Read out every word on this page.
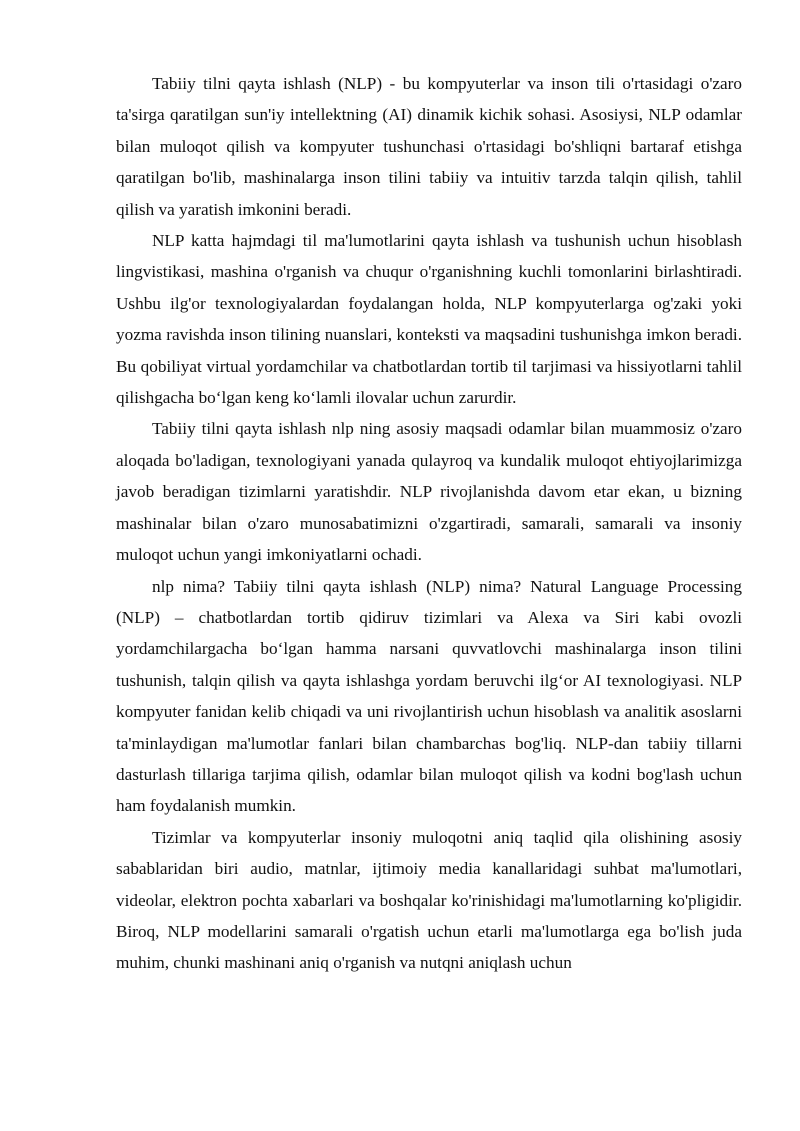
Tabiiy tilni qayta ishlash (NLP) - bu kompyuterlar va inson tili o'rtasidagi o'zaro ta'sirga qaratilgan sun'iy intellektning (AI) dinamik kichik sohasi. Asosiysi, NLP odamlar bilan muloqot qilish va kompyuter tushunchasi o'rtasidagi bo'shliqni bartaraf etishga qaratilgan bo'lib, mashinalarga inson tilini tabiiy va intuitiv tarzda talqin qilish, tahlil qilish va yaratish imkonini beradi.

NLP katta hajmdagi til ma'lumotlarini qayta ishlash va tushunish uchun hisoblash lingvistikasi, mashina o'rganish va chuqur o'rganishning kuchli tomonlarini birlashtiradi. Ushbu ilg'or texnologiyalardan foydalangan holda, NLP kompyuterlarga og'zaki yoki yozma ravishda inson tilining nuanslari, konteksti va maqsadini tushunishga imkon beradi. Bu qobiliyat virtual yordamchilar va chatbotlardan tortib til tarjimasi va hissiyotlarni tahlil qilishgacha bo‘lgan keng ko‘lamli ilovalar uchun zarurdir.

Tabiiy tilni qayta ishlash nlp ning asosiy maqsadi odamlar bilan muammosiz o'zaro aloqada bo'ladigan, texnologiyani yanada qulayroq va kundalik muloqot ehtiyojlarimizga javob beradigan tizimlarni yaratishdir. NLP rivojlanishda davom etar ekan, u bizning mashinalar bilan o'zaro munosabatimizni o'zgartiradi, samarali, samarali va insoniy muloqot uchun yangi imkoniyatlarni ochadi.

nlp nima? Tabiiy tilni qayta ishlash (NLP) nima? Natural Language Processing (NLP) – chatbotlardan tortib qidiruv tizimlari va Alexa va Siri kabi ovozli yordamchilargacha bo‘lgan hamma narsani quvvatlovchi mashinalarga inson tilini tushunish, talqin qilish va qayta ishlashga yordam beruvchi ilg‘or AI texnologiyasi. NLP kompyuter fanidan kelib chiqadi va uni rivojlantirish uchun hisoblash va analitik asoslarni ta'minlaydigan ma'lumotlar fanlari bilan chambarchas bog'liq. NLP-dan tabiiy tillarni dasturlash tillariga tarjima qilish, odamlar bilan muloqot qilish va kodni bog'lash uchun ham foydalanish mumkin.

Tizimlar va kompyuterlar insoniy muloqotni aniq taqlid qila olishining asosiy sabablaridan biri audio, matnlar, ijtimoiy media kanallaridagi suhbat ma'lumotlari, videolar, elektron pochta xabarlari va boshqalar ko'rinishidagi ma'lumotlarning ko'pligidir. Biroq, NLP modellarini samarali o'rgatish uchun etarli ma'lumotlarga ega bo'lish juda muhim, chunki mashinani aniq o'rganish va nutqni aniqlash uchun
